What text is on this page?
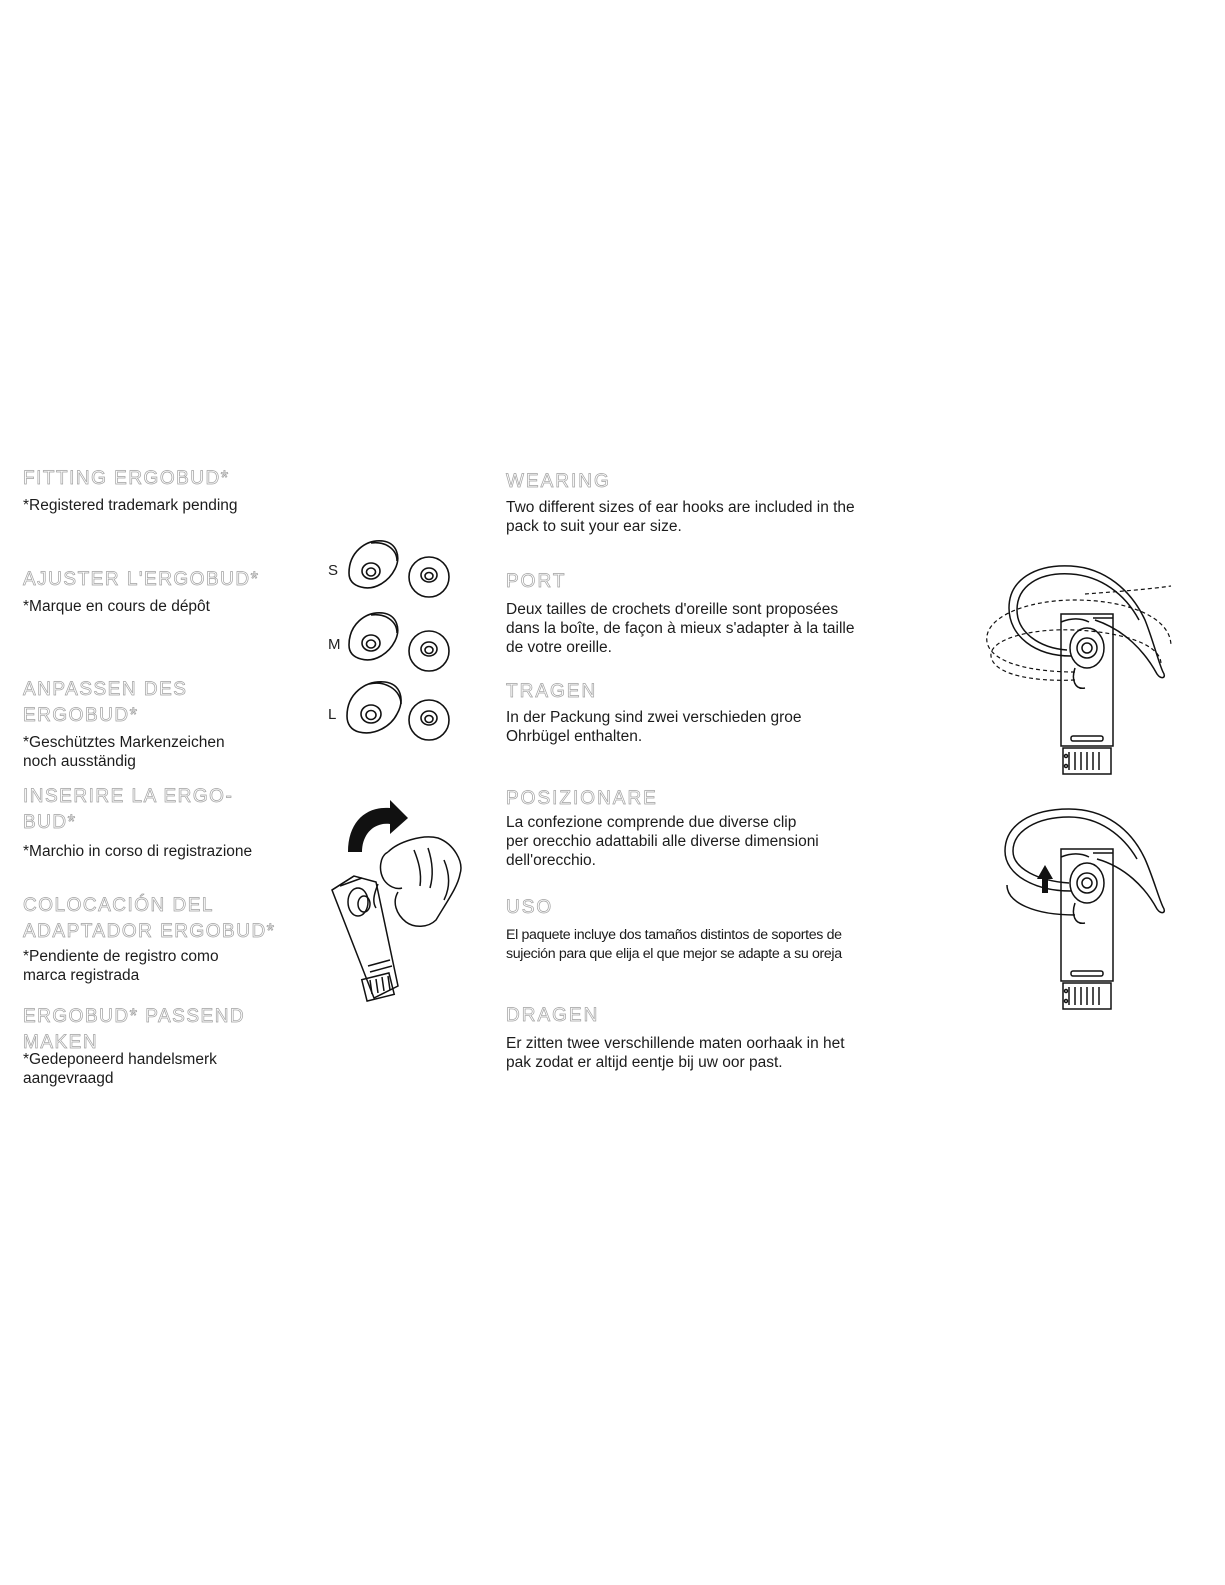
FITTING ERGOBUD*

*Registered trademark pending

AJUSTER L'ERGOBUD*

*Marque en cours de dépôt

ANPASSEN DES
ERGOBUD*

*Geschütztes Markenzeichen
noch ausständig

INSERIRE LA ERGO-
BUD*

*Marchio in corso di registrazione

COLOCACIÓN DEL
ADAPTADOR ERGOBUD*

*Pendiente de registro como
marca registrada

ERGOBUD* PASSEND
MAKEN

*Gedeponeerd handelsmerk
aangevraagd

S
M
L
WEARING

Two different sizes of ear hooks are included in the
pack to suit your ear size.

PORT

Deux tailles de crochets d'oreille sont proposées
dans la boîte, de façon à mieux s'adapter à la taille
de votre oreille.

TRAGEN

In der Packung sind zwei verschieden groe
Ohrbügel enthalten.

POSIZIONARE

La confezione comprende due diverse clip
per orecchio adattabili alle diverse dimensioni
dell'orecchio.

USO

El paquete incluye dos tamaños distintos de soportes de
sujeción para que elija el que mejor se adapte a su oreja

DRAGEN

Er zitten twee verschillende maten oorhaak in het
pak zodat er altijd eentje bij uw oor past.
